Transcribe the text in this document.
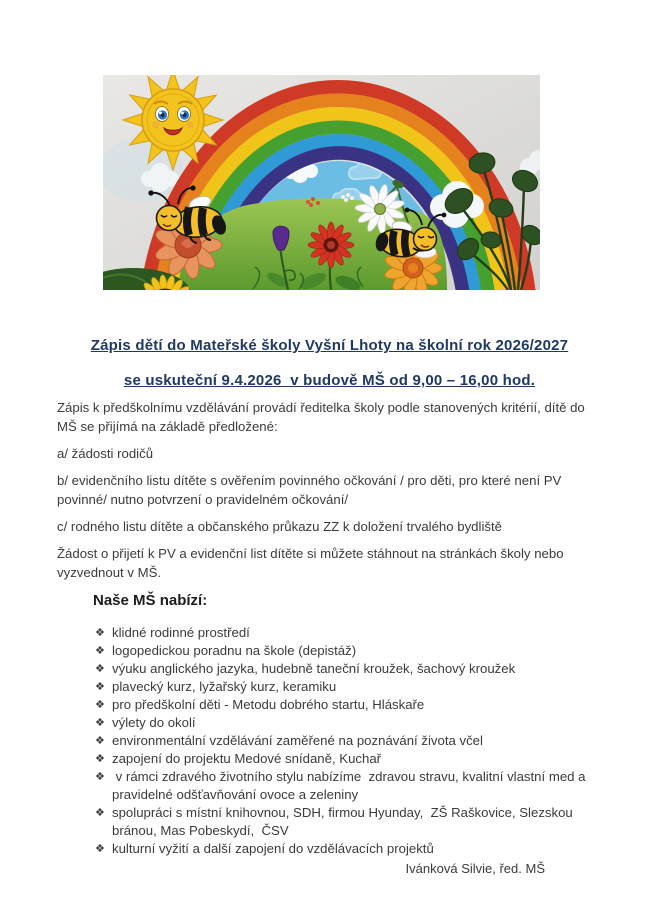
Zápis dětí do Mateřské školy Vyšní Lhoty na školní rok 2026/2027
se uskuteční 9.4.2026  v budově MŠ od 9,00 – 16,00 hod.

Zápis k předškolnímu vzdělávání provádí ředitelka školy podle stanovených kritérií, dítě do MŠ se přijímá na základě předložené:

a/ žádosti rodičů

b/ evidenčního listu dítěte s ověřením povinného očkování / pro děti, pro které není PV povinné/ nutno potvrzení o pravidelném očkování/

c/ rodného listu dítěte a občanského průkazu ZZ k doložení trvalého bydliště

Žádost o přijetí k PV a evidenční list dítěte si můžete stáhnout na stránkách školy nebo vyzvednout v MŠ.

Naše MŠ nabízí:
❖ klidné rodinné prostředí
❖ logopedickou poradnu na škole (depistáž)
❖ výuku anglického jazyka, hudebně taneční kroužek, šachový kroužek
❖ plavecký kurz, lyžařský kurz, keramiku
❖ pro předškolní děti - Metodu dobrého startu, Hláskaře
❖ výlety do okolí
❖ environmentální vzdělávání zaměřené na poznávání života včel
❖ zapojení do projektu Medové snídaně, Kuchař
❖ v rámci zdravého životního stylu nabízíme  zdravou stravu, kvalitní vlastní med a pravidelné odšťavňování ovoce a zeleniny
❖ spolupráci s místní knihovnou, SDH, firmou Hyunday,  ZŠ Raškovice, Slezskou bránou, Mas Pobeskydí,  ČSV
❖ kulturní vyžití a další zapojení do vzdělávacích projektů
Ivánková Silvie, řed. MŠ
